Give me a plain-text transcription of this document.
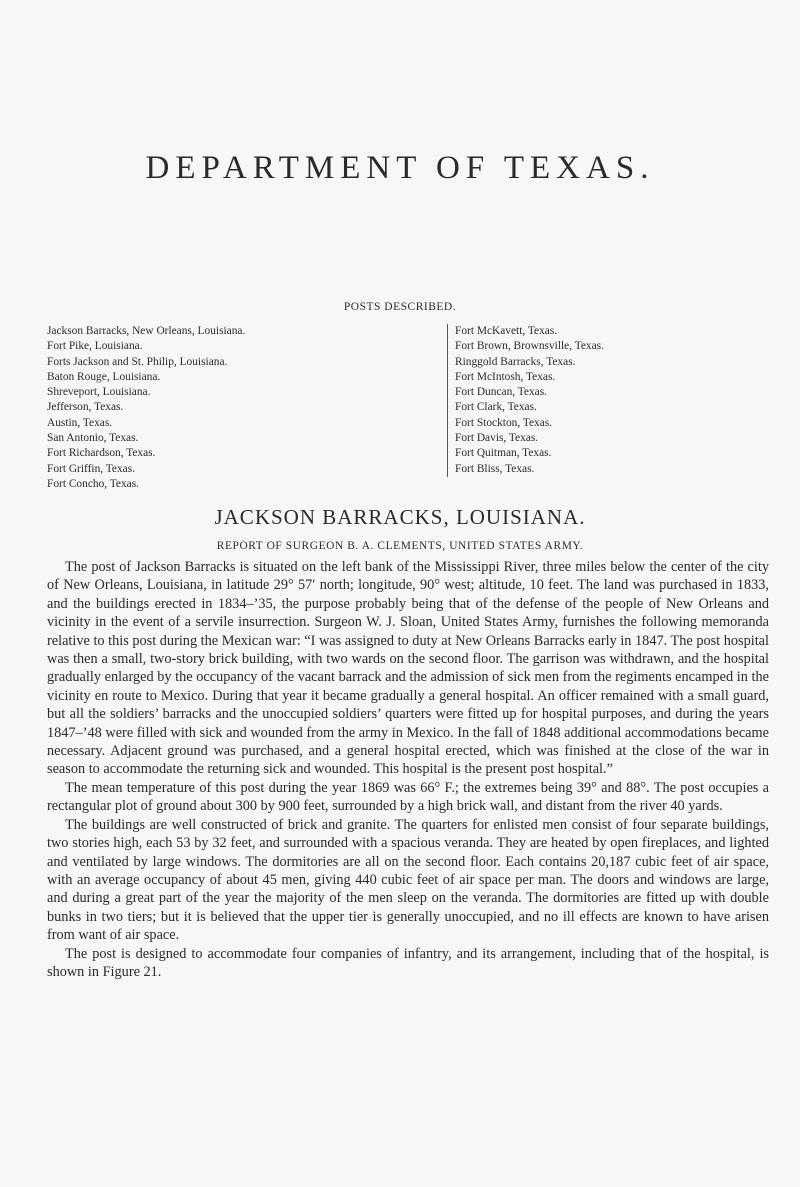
DEPARTMENT OF TEXAS.
POSTS DESCRIBED.
Jackson Barracks, New Orleans, Louisiana.
Fort Pike, Louisiana.
Forts Jackson and St. Philip, Louisiana.
Baton Rouge, Louisiana.
Shreveport, Louisiana.
Jefferson, Texas.
Austin, Texas.
San Antonio, Texas.
Fort Richardson, Texas.
Fort Griffin, Texas.
Fort Concho, Texas.
Fort McKavett, Texas.
Fort Brown, Brownsville, Texas.
Ringgold Barracks, Texas.
Fort McIntosh, Texas.
Fort Duncan, Texas.
Fort Clark, Texas.
Fort Stockton, Texas.
Fort Davis, Texas.
Fort Quitman, Texas.
Fort Bliss, Texas.
JACKSON BARRACKS, LOUISIANA.
REPORT OF SURGEON B. A. CLEMENTS, UNITED STATES ARMY.

The post of Jackson Barracks is situated on the left bank of the Mississippi River, three miles below the center of the city of New Orleans, Louisiana, in latitude 29° 57′ north; longitude, 90° west; altitude, 10 feet. The land was purchased in 1833, and the buildings erected in 1834–’35, the purpose probably being that of the defense of the people of New Orleans and vicinity in the event of a servile insurrection. Surgeon W. J. Sloan, United States Army, furnishes the following memoranda relative to this post during the Mexican war: “I was assigned to duty at New Orleans Barracks early in 1847. The post hospital was then a small, two-story brick building, with two wards on the second floor. The garrison was withdrawn, and the hospital gradually enlarged by the occupancy of the vacant barrack and the admission of sick men from the regiments encamped in the vicinity en route to Mexico. During that year it became gradually a general hospital. An officer remained with a small guard, but all the soldiers’ barracks and the unoccupied soldiers’ quarters were fitted up for hospital purposes, and during the years 1847–’48 were filled with sick and wounded from the army in Mexico. In the fall of 1848 additional accommodations became necessary. Adjacent ground was purchased, and a general hospital erected, which was finished at the close of the war in season to accommodate the returning sick and wounded. This hospital is the present post hospital.”

The mean temperature of this post during the year 1869 was 66° F.; the extremes being 39° and 88°. The post occupies a rectangular plot of ground about 300 by 900 feet, surrounded by a high brick wall, and distant from the river 40 yards.

The buildings are well constructed of brick and granite. The quarters for enlisted men consist of four separate buildings, two stories high, each 53 by 32 feet, and surrounded with a spacious veranda. They are heated by open fireplaces, and lighted and ventilated by large windows. The dormitories are all on the second floor. Each contains 20,187 cubic feet of air space, with an average occupancy of about 45 men, giving 440 cubic feet of air space per man. The doors and windows are large, and during a great part of the year the majority of the men sleep on the veranda. The dormitories are fitted up with double bunks in two tiers; but it is believed that the upper tier is generally unoccupied, and no ill effects are known to have arisen from want of air space.

The post is designed to accommodate four companies of infantry, and its arrangement, including that of the hospital, is shown in Figure 21.
